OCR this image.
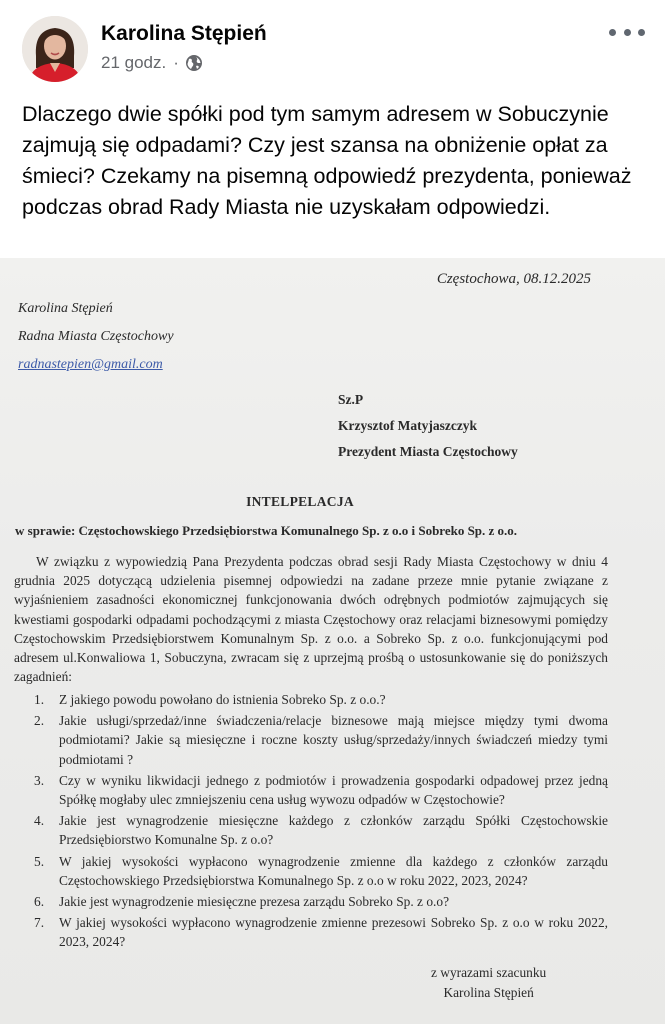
Karolina Stępień
21 godz. ·
Dlaczego dwie spółki pod tym samym adresem w Sobuczynie zajmują się odpadami? Czy jest szansa na obniżenie opłat za śmieci? Czekamy na pisemną odpowiedź prezydenta, ponieważ podczas obrad Rady Miasta nie uzyskałam odpowiedzi.
Częstochowa, 08.12.2025
Karolina Stępień
Radna Miasta Częstochowy
radnastepien@gmail.com
Sz.P
Krzysztof Matyjaszczyk
Prezydent Miasta Częstochowy
INTELPELACJA
w sprawie: Częstochowskiego Przedsiębiorstwa Komunalnego Sp. z o.o i Sobreko Sp. z o.o.
W związku z wypowiedzią Pana Prezydenta podczas obrad sesji Rady Miasta Częstochowy w dniu 4 grudnia 2025 dotyczącą udzielenia pisemnej odpowiedzi na zadane przeze mnie pytanie związane z wyjaśnieniem zasadności ekonomicznej funkcjonowania dwóch odrębnych podmiotów zajmujących się kwestiami gospodarki odpadami pochodzącymi z miasta Częstochowy oraz relacjami biznesowymi pomiędzy Częstochowskim Przedsiębiorstwem Komunalnym Sp. z o.o. a Sobreko Sp. z o.o. funkcjonującymi pod adresem ul.Konwaliowa 1, Sobuczyna, zwracam się z uprzejmą prośbą o ustosunkowanie się do poniższych zagadnień:
1.	Z jakiego powodu powołano do istnienia Sobreko Sp. z o.o.?
2.	Jakie usługi/sprzedaż/inne świadczenia/relacje biznesowe mają miejsce między tymi dwoma podmiotami? Jakie są miesięczne i roczne koszty usług/sprzedaży/innych świadczeń miedzy tymi podmiotami ?
3.	Czy w wyniku likwidacji jednego z podmiotów i prowadzenia gospodarki odpadowej przez jedną Spółkę mogłaby ulec zmniejszeniu cena usług wywozu odpadów w Częstochowie?
4.	Jakie jest wynagrodzenie miesięczne każdego z członków zarządu Spółki Częstochowskie Przedsiębiorstwo Komunalne Sp. z o.o?
5.	W jakiej wysokości wypłacono wynagrodzenie zmienne dla każdego z członków zarządu Częstochowskiego Przedsiębiorstwa Komunalnego Sp. z o.o w roku 2022, 2023, 2024?
6.	Jakie jest wynagrodzenie miesięczne prezesa zarządu Sobreko Sp. z o.o?
7.	W jakiej wysokości wypłacono wynagrodzenie zmienne prezesowi Sobreko Sp. z o.o w roku 2022, 2023, 2024?
z wyrazami szacunku
Karolina Stępień
